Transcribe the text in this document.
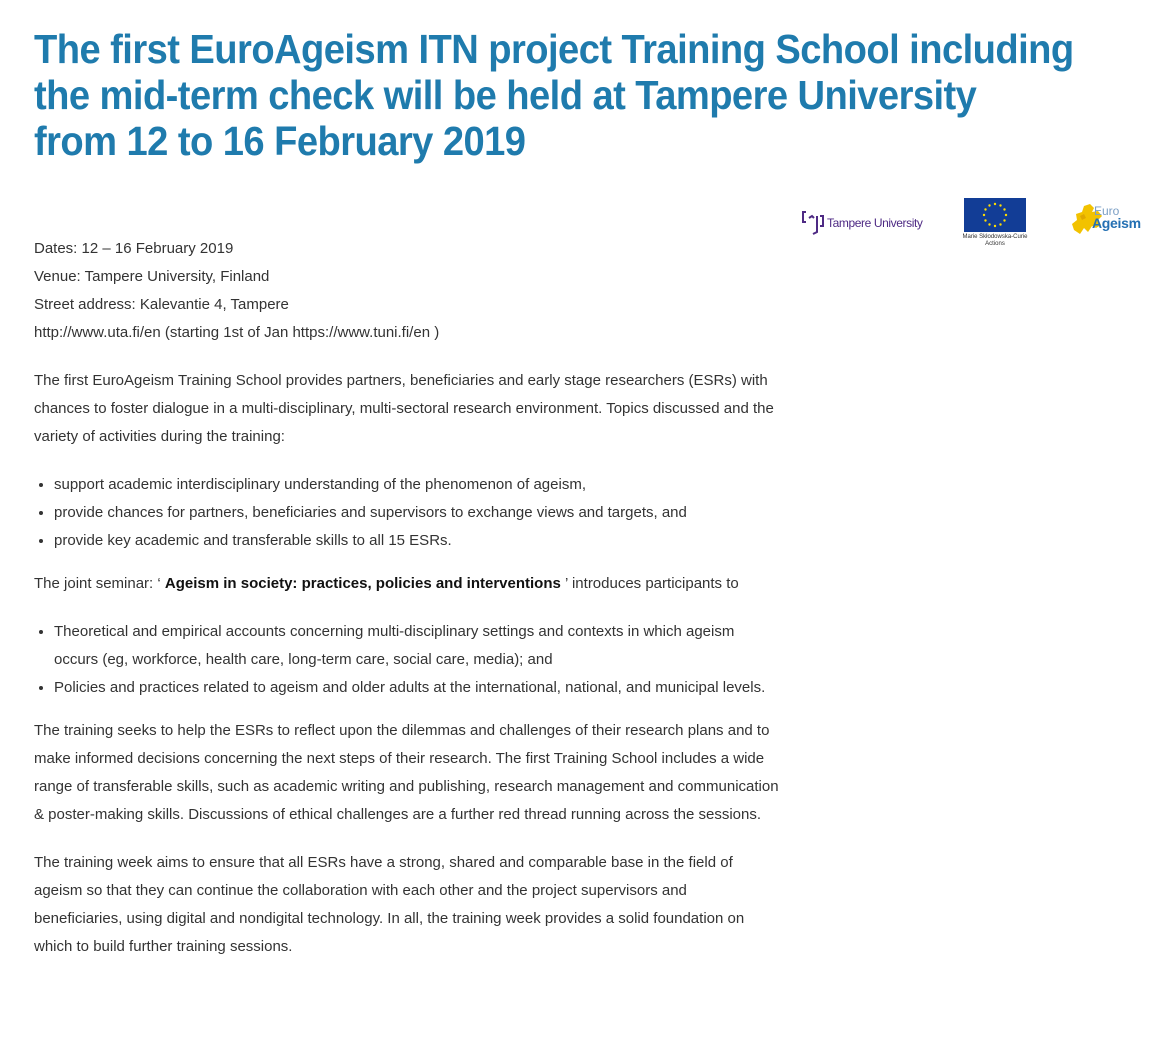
The first EuroAgeism ITN project Training School including
the mid-term check will be held at Tampere University
from 12 to 16 February 2019
Tampere University
Marie Skłodowska-Curie
Actions
Euro
Ageism
Dates: 12 – 16 February 2019
Venue: Tampere University, Finland
Street address: Kalevantie 4, Tampere
http://www.uta.fi/en (starting 1st of Jan https://www.tuni.fi/en )

The first EuroAgeism Training School provides partners, beneficiaries and early stage researchers (ESRs) with chances to foster dialogue in a multi-disciplinary, multi-sectoral research environment. Topics discussed and the variety of activities during the training:

• support academic interdisciplinary understanding of the phenomenon of ageism,
• provide chances for partners, beneficiaries and supervisors to exchange views and targets, and
• provide key academic and transferable skills to all 15 ESRs.

The joint seminar: ‘ Ageism in society: practices, policies and interventions ’ introduces participants to

• Theoretical and empirical accounts concerning multi-disciplinary settings and contexts in which ageism occurs (eg, workforce, health care, long-term care, social care, media); and
• Policies and practices related to ageism and older adults at the international, national, and municipal levels.

The training seeks to help the ESRs to reflect upon the dilemmas and challenges of their research plans and to make informed decisions concerning the next steps of their research. The first Training School includes a wide range of transferable skills, such as academic writing and publishing, research management and communication & poster-making skills. Discussions of ethical challenges are a further red thread running across the sessions.

The training week aims to ensure that all ESRs have a strong, shared and comparable base in the field of ageism so that they can continue the collaboration with each other and the project supervisors and beneficiaries, using digital and nondigital technology. In all, the training week provides a solid foundation on which to build further training sessions.
